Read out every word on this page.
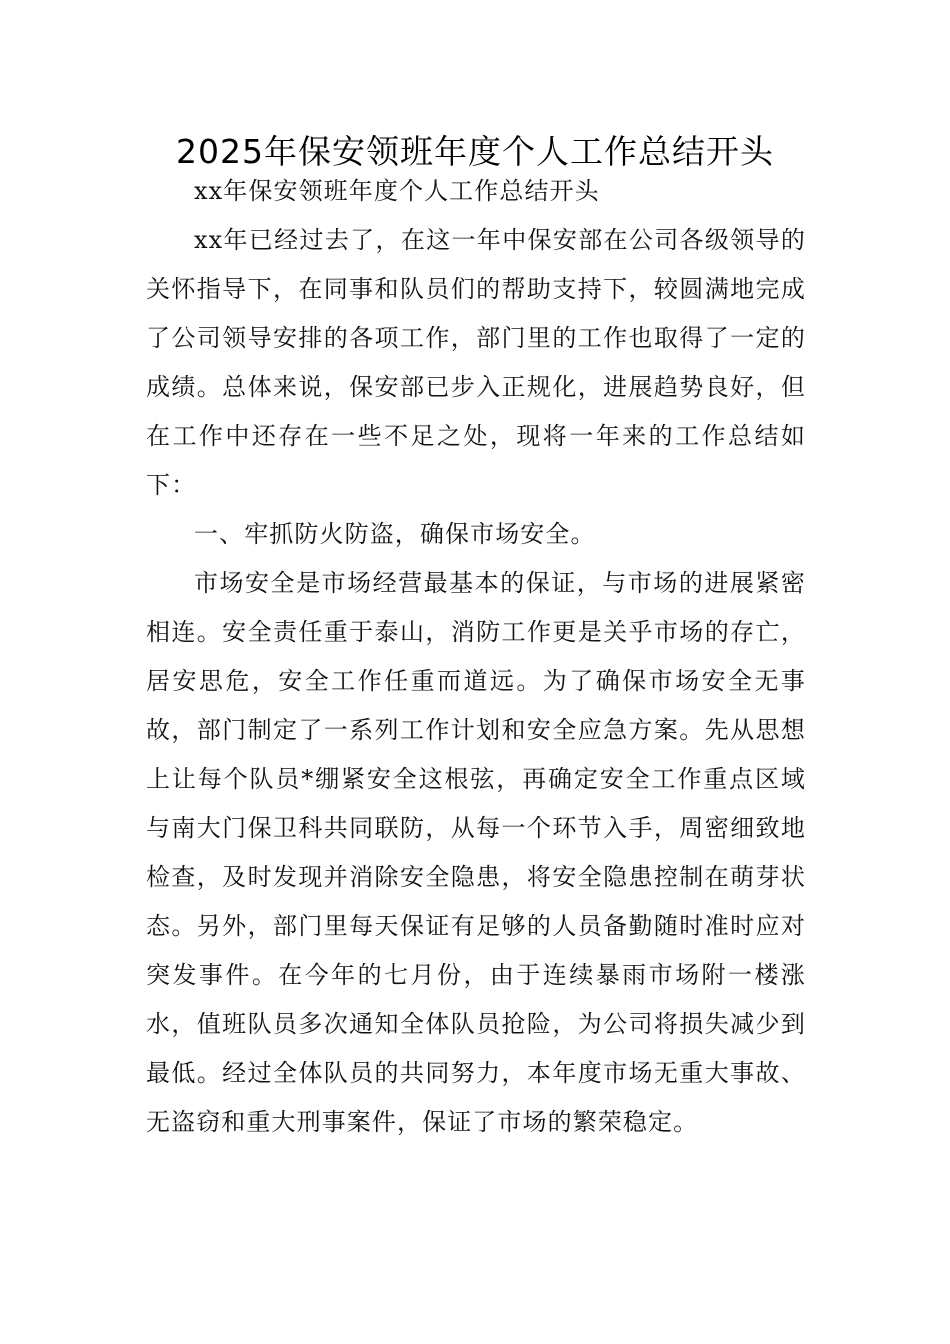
2025年保安领班年度个人工作总结开头

xx年保安领班年度个人工作总结开头

xx年已经过去了，在这一年中保安部在公司各级领导的关怀指导下，在同事和队员们的帮助支持下，较圆满地完成了公司领导安排的各项工作，部门里的工作也取得了一定的成绩。总体来说，保安部已步入正规化，进展趋势良好，但在工作中还存在一些不足之处，现将一年来的工作总结如下：

一、牢抓防火防盗，确保市场安全。

市场安全是市场经营最基本的保证，与市场的进展紧密相连。安全责任重于泰山，消防工作更是关乎市场的存亡，居安思危，安全工作任重而道远。为了确保市场安全无事故，部门制定了一系列工作计划和安全应急方案。先从思想上让每个队员*绷紧安全这根弦，再确定安全工作重点区域与南大门保卫科共同联防，从每一个环节入手，周密细致地检查，及时发现并消除安全隐患，将安全隐患控制在萌芽状态。另外，部门里每天保证有足够的人员备勤随时准时应对突发事件。在今年的七月份，由于连续暴雨市场附一楼涨水，值班队员多次通知全体队员抢险，为公司将损失减少到最低。经过全体队员的共同努力，本年度市场无重大事故、无盗窃和重大刑事案件，保证了市场的繁荣稳定。
